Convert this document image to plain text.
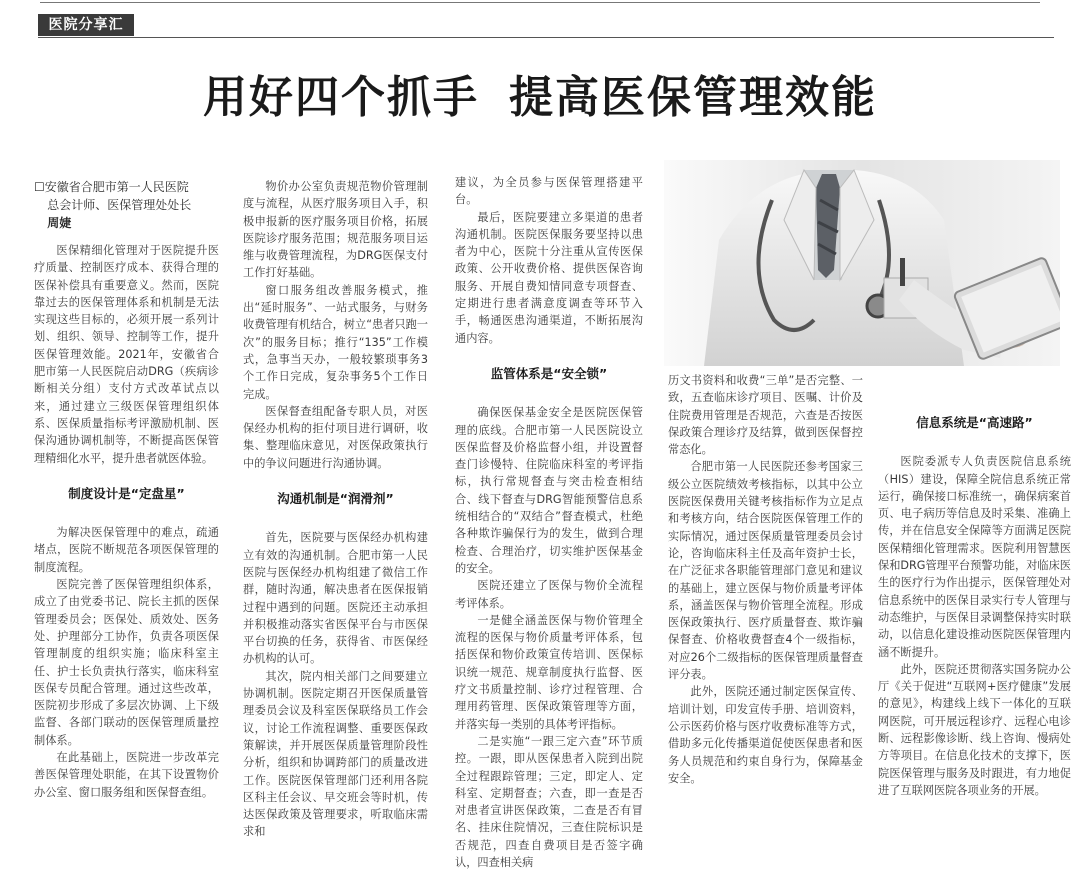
医院分享汇
用好四个抓手 提高医保管理效能
☐安徽省合肥市第一人民医院
总会计师、医保管理处处长
周婕

医保精细化管理对于医院提升医疗质量、控制医疗成本、获得合理的医保补偿具有重要意义。然而，医院靠过去的医保管理体系和机制是无法实现这些目标的，必须开展一系列计划、组织、领导、控制等工作，提升医保管理效能。2021年，安徽省合肥市第一人民医院启动DRG（疾病诊断相关分组）支付方式改革试点以来，通过建立三级医保管理组织体系、医保质量指标考评激励机制、医保沟通协调机制等，不断提高医保管理精细化水平，提升患者就医体验。

制度设计是“定盘星”

为解决医保管理中的难点，疏通堵点，医院不断规范各项医保管理的制度流程。

医院完善了医保管理组织体系，成立了由党委书记、院长主抓的医保管理委员会；医保处、质效处、医务处、护理部分工协作，负责各项医保管理制度的组织实施；临床科室主任、护士长负责执行落实，临床科室医保专员配合管理。通过这些改革，医院初步形成了多层次协调、上下级监督、各部门联动的医保管理质量控制体系。

在此基础上，医院进一步改革完善医保管理处职能，在其下设置物价办公室、窗口服务组和医保督查组。

物价办公室负责规范物价管理制度与流程，从医疗服务项目入手，积极申报新的医疗服务项目价格，拓展医院诊疗服务范围；规范服务项目运维与收费管理流程，为DRG医保支付工作打好基础。

窗口服务组改善服务模式，推出“延时服务”、一站式服务，与财务收费管理有机结合，树立“患者只跑一次”的服务目标；推行“135”工作模式，急事当天办，一般较繁琐事务3个工作日完成，复杂事务5个工作日完成。

医保督查组配备专职人员，对医保经办机构的拒付项目进行调研，收集、整理临床意见，对医保政策执行中的争议问题进行沟通协调。

沟通机制是“润滑剂”

首先，医院要与医保经办机构建立有效的沟通机制。合肥市第一人民医院与医保经办机构组建了微信工作群，随时沟通，解决患者在医保报销过程中遇到的问题。医院还主动承担并积极推动落实省医保平台与市医保平台切换的任务，获得省、市医保经办机构的认可。

其次，院内相关部门之间要建立协调机制。医院定期召开医保质量管理委员会议及科室医保联络员工作会议，讨论工作流程调整、重要医保政策解读，并开展医保质量管理阶段性分析，组织和协调跨部门的质量改进工作。医院医保管理部门还利用各院区科主任会议、早交班会等时机，传达医保政策及管理要求，听取临床需求和

建议，为全员参与医保管理搭建平台。

最后，医院要建立多渠道的患者沟通机制。医院医保服务要坚持以患者为中心，医院十分注重从宣传医保政策、公开收费价格、提供医保咨询服务、开展自费知情同意专项督查、定期进行患者满意度调查等环节入手，畅通医患沟通渠道，不断拓展沟通内容。

监管体系是“安全锁”

确保医保基金安全是医院医保管理的底线。合肥市第一人民医院设立医保监督及价格监督小组，并设置督查门诊慢特、住院临床科室的考评指标，执行常规督查与突击检查相结合、线下督查与DRG智能预警信息系统相结合的“双结合”督查模式，杜绝各种欺诈骗保行为的发生，做到合理检查、合理治疗，切实维护医保基金的安全。

医院还建立了医保与物价全流程考评体系。

一是健全涵盖医保与物价管理全流程的医保与物价质量考评体系，包括医保和物价政策宣传培训、医保标识统一规范、规章制度执行监督、医疗文书质量控制、诊疗过程管理、合理用药管理、医保政策管理等方面，并落实每一类别的具体考评指标。

二是实施“一跟三定六查”环节质控。一跟，即从医保患者入院到出院全过程跟踪管理；三定，即定人、定科室、定期督查；六查，即一查是否对患者宣讲医保政策，二查是否有冒名、挂床住院情况，三查住院标识是否规范，四查自费项目是否签字确认，四查相关病

历文书资料和收费“三单”是否完整、一致，五查临床诊疗项目、医嘱、计价及住院费用管理是否规范，六查是否按医保政策合理诊疗及结算，做到医保督控常态化。

合肥市第一人民医院还参考国家三级公立医院绩效考核指标，以其中公立医院医保费用关键考核指标作为立足点和考核方向，结合医院医保管理工作的实际情况，通过医保质量管理委员会讨论，咨询临床科主任及高年资护士长，在广泛征求各职能管理部门意见和建议的基础上，建立医保与物价质量考评体系，涵盖医保与物价管理全流程。形成医保政策执行、医疗质量督查、欺诈骗保督查、价格收费督查4个一级指标，对应26个二级指标的医保管理质量督查评分表。

此外，医院还通过制定医保宣传、培训计划，印发宣传手册、培训资料，公示医药价格与医疗收费标准等方式，借助多元化传播渠道促使医保患者和医务人员规范和约束自身行为，保障基金安全。

信息系统是“高速路”

医院委派专人负责医院信息系统（HIS）建设，保障全院信息系统正常运行，确保接口标准统一，确保病案首页、电子病历等信息及时采集、准确上传，并在信息安全保障等方面满足医院医保精细化管理需求。医院利用智慧医保和DRG管理平台预警功能，对临床医生的医疗行为作出提示，医保管理处对信息系统中的医保目录实行专人管理与动态维护，与医保目录调整保持实时联动，以信息化建设推动医院医保管理内涵不断提升。

此外，医院还贯彻落实国务院办公厅《关于促进“互联网+医疗健康”发展的意见》，构建线上线下一体化的互联网医院，可开展远程诊疗、远程心电诊断、远程影像诊断、线上咨询、慢病处方等项目。在信息化技术的支撑下，医院医保管理与服务及时跟进，有力地促进了互联网医院各项业务的开展。
